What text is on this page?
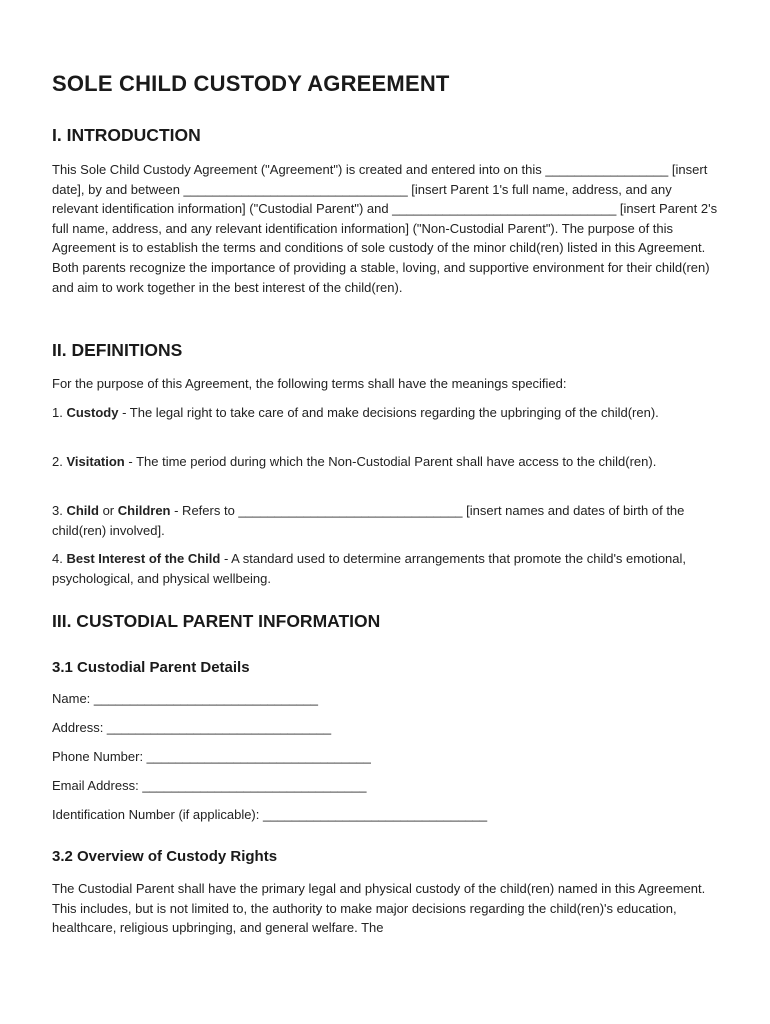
SOLE CHILD CUSTODY AGREEMENT
I. INTRODUCTION

This Sole Child Custody Agreement ("Agreement") is created and entered into on this _________________ [insert date], by and between _______________________________ [insert Parent 1's full name, address, and any relevant identification information] ("Custodial Parent") and _______________________________ [insert Parent 2's full name, address, and any relevant identification information] ("Non-Custodial Parent"). The purpose of this Agreement is to establish the terms and conditions of sole custody of the minor child(ren) listed in this Agreement. Both parents recognize the importance of providing a stable, loving, and supportive environment for their child(ren) and aim to work together in the best interest of the child(ren).

II. DEFINITIONS

For the purpose of this Agreement, the following terms shall have the meanings specified:

1. Custody - The legal right to take care of and make decisions regarding the upbringing of the child(ren).

2. Visitation - The time period during which the Non-Custodial Parent shall have access to the child(ren).

3. Child or Children - Refers to _______________________________ [insert names and dates of birth of the child(ren) involved].

4. Best Interest of the Child - A standard used to determine arrangements that promote the child's emotional, psychological, and physical wellbeing.

III. CUSTODIAL PARENT INFORMATION
3.1 Custodial Parent Details
Name: _______________________________
Address: _______________________________
Phone Number: _______________________________
Email Address: _______________________________
Identification Number (if applicable): _______________________________
3.2 Overview of Custody Rights

The Custodial Parent shall have the primary legal and physical custody of the child(ren) named in this Agreement. This includes, but is not limited to, the authority to make major decisions regarding the child(ren)'s education, healthcare, religious upbringing, and general welfare. The
